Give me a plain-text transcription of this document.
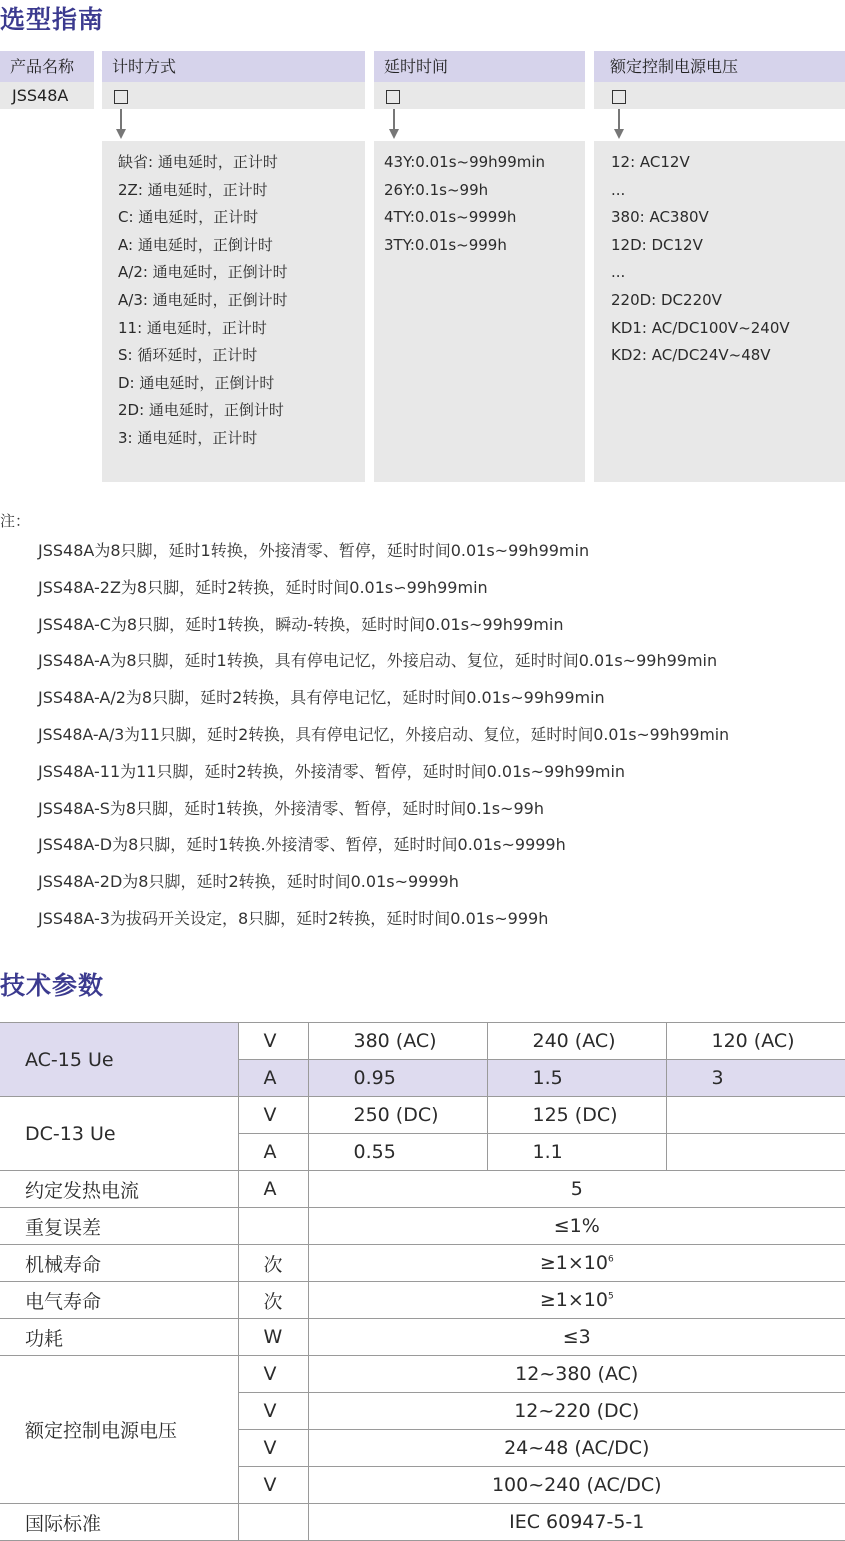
选型指南
产品名称
JSS48A
计时方式	延时时间	额定控制电源电压
缺省: 通电延时，正计时
2Z: 通电延时，正计时
C: 通电延时，正计时
A: 通电延时，正倒计时
A/2: 通电延时，正倒计时
A/3: 通电延时，正倒计时
11: 通电延时，正计时
S: 循环延时，正计时
D: 通电延时，正倒计时
2D: 通电延时，正倒计时
3: 通电延时，正计时
43Y:0.01s~99h99min
26Y:0.1s~99h
4TY:0.01s~9999h
3TY:0.01s~999h
12: AC12V
...
380: AC380V
12D: DC12V
...
220D: DC220V
KD1: AC/DC100V~240V
KD2: AC/DC24V~48V
注：
JSS48A为8只脚，延时1转换，外接清零、暂停，延时时间0.01s~99h99min
JSS48A-2Z为8只脚，延时2转换，延时时间0.01s∽99h99min
JSS48A-C为8只脚，延时1转换，瞬动-转换，延时时间0.01s~99h99min
JSS48A-A为8只脚，延时1转换，具有停电记忆，外接启动、复位，延时时间0.01s~99h99min
JSS48A-A/2为8只脚，延时2转换，具有停电记忆，延时时间0.01s~99h99min
JSS48A-A/3为11只脚，延时2转换，具有停电记忆，外接启动、复位，延时时间0.01s~99h99min
JSS48A-11为11只脚，延时2转换，外接清零、暂停，延时时间0.01s~99h99min
JSS48A-S为8只脚，延时1转换，外接清零、暂停，延时时间0.1s~99h
JSS48A-D为8只脚，延时1转换.外接清零、暂停，延时时间0.01s~9999h
JSS48A-2D为8只脚，延时2转换，延时时间0.01s~9999h
JSS48A-3为拔码开关设定，8只脚，延时2转换，延时时间0.01s~999h
技术参数
AC-15 Ue	V	380 (AC)	240 (AC)	120 (AC)
	A	0.95	1.5	3
DC-13 Ue	V	250 (DC)	125 (DC)	
	A	0.55	1.1	
约定发热电流	A	5		
重复误差		≤1%		
机械寿命	次	$\ge 1\times 10^6$
电气寿命	次	$\ge 1\times 10^5$
功耗	W	≤3		
额定控制电源电压	V	12~380 (AC)		
	V	12~220 (DC)		
	V	24~48 (AC/DC)		
	V	100~240 (AC/DC)		
国际标准		IEC 60947-5-1		
